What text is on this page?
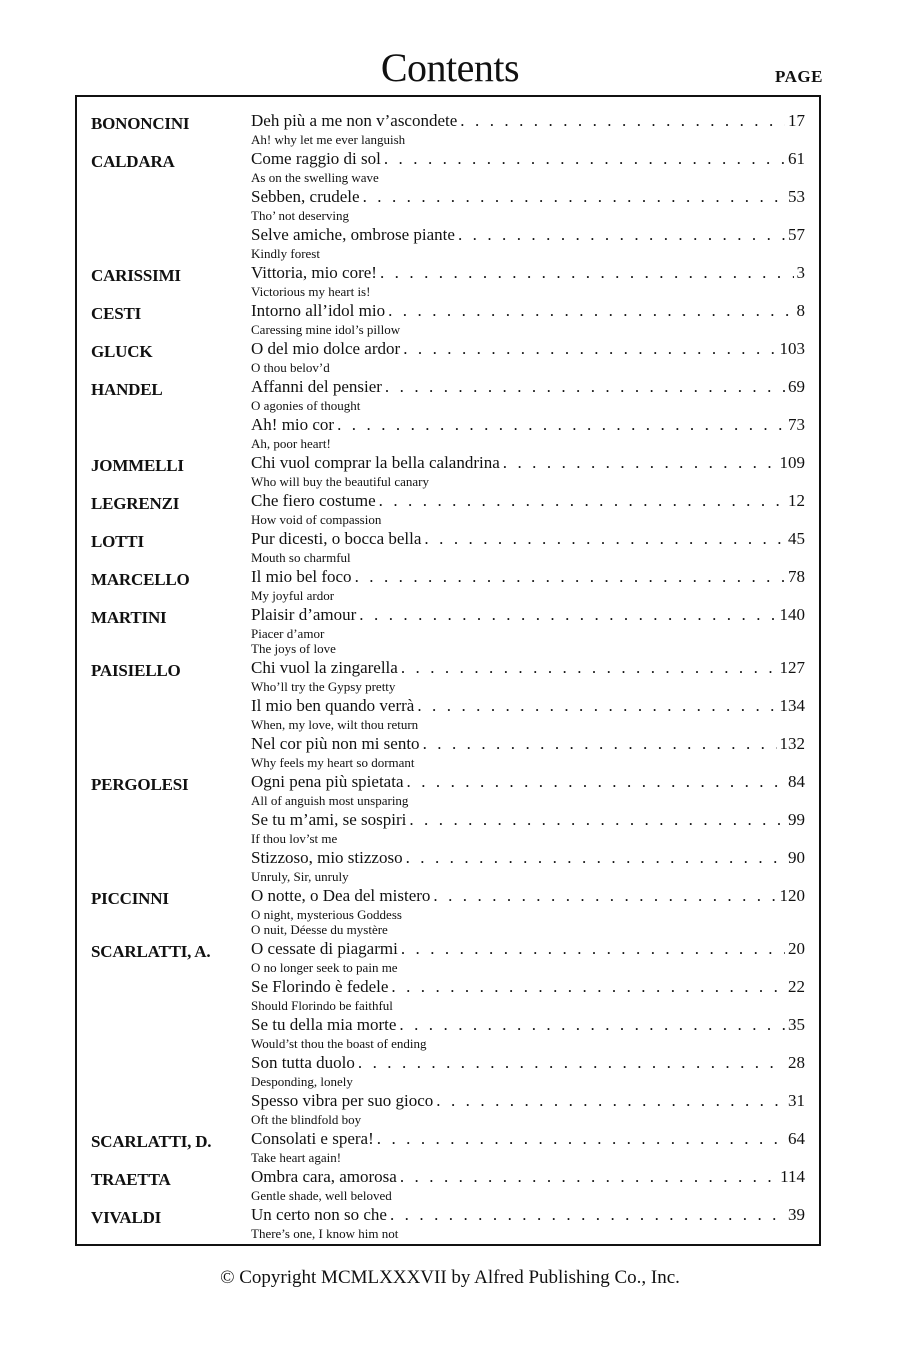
Contents	PAGE
BONONCINI	Deh più a me non v’ascondete . . .	17
Ah! why let me ever languish
CALDARA	Come raggio di sol . . .	61
As on the swelling wave
Sebben, crudele . . .	53
Tho’ not deserving
Selve amiche, ombrose piante . . .	57
Kindly forest
CARISSIMI	Vittoria, mio core! . . .	3
Victorious my heart is!
CESTI	Intorno all’idol mio . . .	8
Caressing mine idol’s pillow
GLUCK	O del mio dolce ardor . . .	103
O thou belov’d
HANDEL	Affanni del pensier . . .	69
O agonies of thought
Ah! mio cor . . .	73
Ah, poor heart!
JOMMELLI	Chi vuol comprar la bella calandrina . . .	109
Who will buy the beautiful canary
LEGRENZI	Che fiero costume . . .	12
How void of compassion
LOTTI	Pur dicesti, o bocca bella . . .	45
Mouth so charmful
MARCELLO	Il mio bel foco . . .	78
My joyful ardor
MARTINI	Plaisir d’amour . . .	140
Piacer d’amor
The joys of love
PAISIELLO	Chi vuol la zingarella . . .	127
Who’ll try the Gypsy pretty
Il mio ben quando verrà . . .	134
When, my love, wilt thou return
Nel cor più non mi sento . . .	132
Why feels my heart so dormant
PERGOLESI	Ogni pena più spietata . . .	84
All of anguish most unsparing
Se tu m’ami, se sospiri . . .	99
If thou lov’st me
Stizzoso, mio stizzoso . . .	90
Unruly, Sir, unruly
PICCINNI	O notte, o Dea del mistero . . .	120
O night, mysterious Goddess
O nuit, Déesse du mystère
SCARLATTI, A.	O cessate di piagarmi . . .	20
O no longer seek to pain me
Se Florindo è fedele . . .	22
Should Florindo be faithful
Se tu della mia morte . . .	35
Would’st thou the boast of ending
Son tutta duolo . . .	28
Desponding, lonely
Spesso vibra per suo gioco . . .	31
Oft the blindfold boy
SCARLATTI, D.	Consolati e spera! . . .	64
Take heart again!
TRAETTA	Ombra cara, amorosa . . .	114
Gentle shade, well beloved
VIVALDI	Un certo non so che . . .	39
There’s one, I know him not
© Copyright MCMLXXXVII by Alfred Publishing Co., Inc.
